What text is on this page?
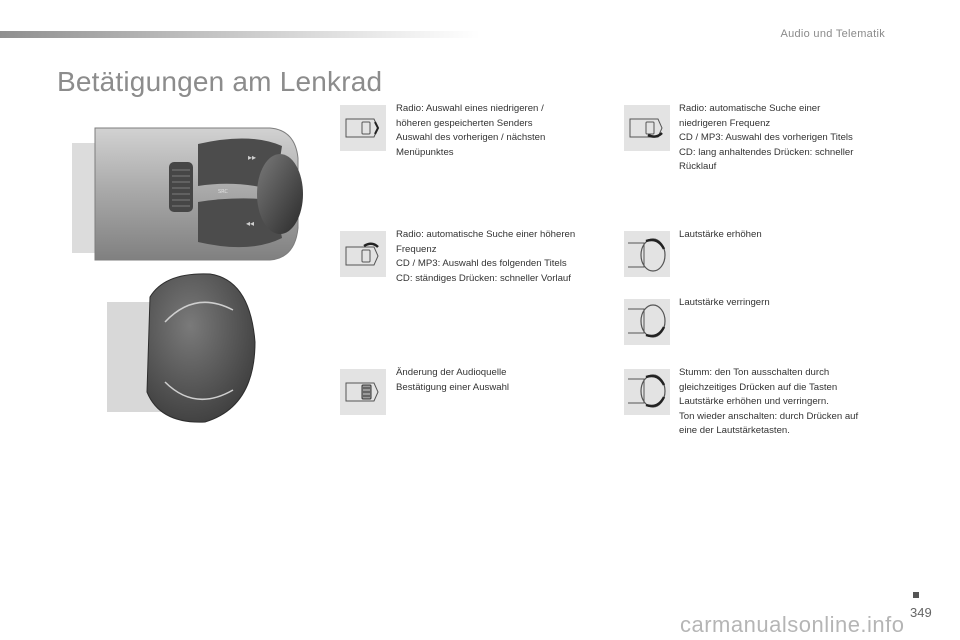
Audio und Telematik
Betätigungen am Lenkrad
▸▸
◂◂
SRC
Radio: Auswahl eines niedrigeren /
höheren gespeicherten Senders
Auswahl des vorherigen / nächsten
Menüpunktes
Radio: automatische Suche einer
niedrigeren Frequenz
CD / MP3: Auswahl des vorherigen Titels
CD: lang anhaltendes Drücken: schneller
Rücklauf
Radio: automatische Suche einer höheren
Frequenz
CD / MP3: Auswahl des folgenden Titels
CD: ständiges Drücken: schneller Vorlauf
Lautstärke erhöhen
Lautstärke verringern
Änderung der Audioquelle
Bestätigung einer Auswahl
Stumm: den Ton ausschalten durch
gleichzeitiges Drücken auf die Tasten
Lautstärke erhöhen und verringern.
Ton wieder anschalten: durch Drücken auf
eine der Lautstärketasten.
349
carmanualsonline.info
